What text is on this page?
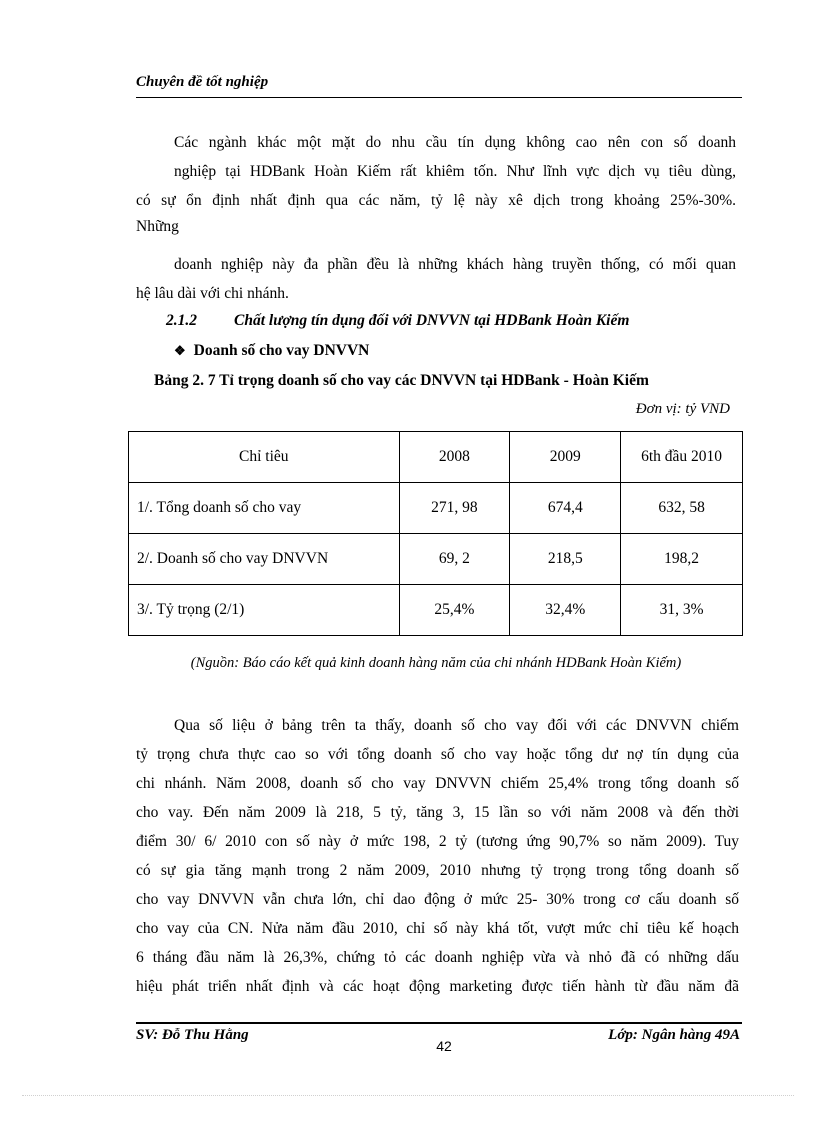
Chuyên đề tốt nghiệp
Các ngành khác một mặt do nhu cầu tín dụng không cao nên con số doanh
nghiệp tại HDBank Hoàn Kiếm rất khiêm tốn. Như lĩnh vực dịch vụ tiêu dùng,
có sự ổn định nhất định qua các năm, tỷ lệ này xê dịch trong khoảng 25%-30%.
Những
doanh nghiệp này đa phần đều là những khách hàng truyền thống, có mối quan
hệ lâu dài với chi nhánh.
2.1.2 Chất lượng tín dụng đối với DNVVN tại HDBank Hoàn Kiếm
❖ Doanh số cho vay DNVVN
Bảng 2. 7 Tỉ trọng doanh số cho vay các DNVVN tại HDBank - Hoàn Kiếm
Đơn vị: tỷ VND
Chỉ tiêu	2008	2009	6th đầu 2010
1/. Tổng doanh số cho vay	271, 98	674,4	632, 58
2/. Doanh số cho vay DNVVN	69, 2	218,5	198,2
3/. Tỷ trọng (2/1)	25,4%	32,4%	31, 3%
(Nguồn: Báo cáo kết quả kinh doanh hàng năm của chi nhánh HDBank Hoàn Kiếm)
Qua số liệu ở bảng trên ta thấy, doanh số cho vay đối với các DNVVN chiếm
tỷ trọng chưa thực cao so với tổng doanh số cho vay hoặc tổng dư nợ tín dụng của
chi nhánh. Năm 2008, doanh số cho vay DNVVN chiếm 25,4% trong tổng doanh số
cho vay. Đến năm 2009 là 218, 5 tỷ, tăng 3, 15 lần so với năm 2008 và đến thời
điểm 30/ 6/ 2010 con số này ở mức 198, 2 tỷ (tương ứng 90,7% so năm 2009). Tuy
có sự gia tăng mạnh trong 2 năm 2009, 2010 nhưng tỷ trọng trong tổng doanh số
cho vay DNVVN vẫn chưa lớn, chỉ dao động ở mức 25- 30% trong cơ cấu doanh số
cho vay của CN. Nửa năm đầu 2010, chỉ số này khá tốt, vượt mức chỉ tiêu kế hoạch
6 tháng đầu năm là 26,3%, chứng tỏ các doanh nghiệp vừa và nhỏ đã có những dấu
hiệu phát triển nhất định và các hoạt động marketing được tiến hành từ đầu năm đã
SV: Đỗ Thu Hằng	Lớp: Ngân hàng 49A
42
